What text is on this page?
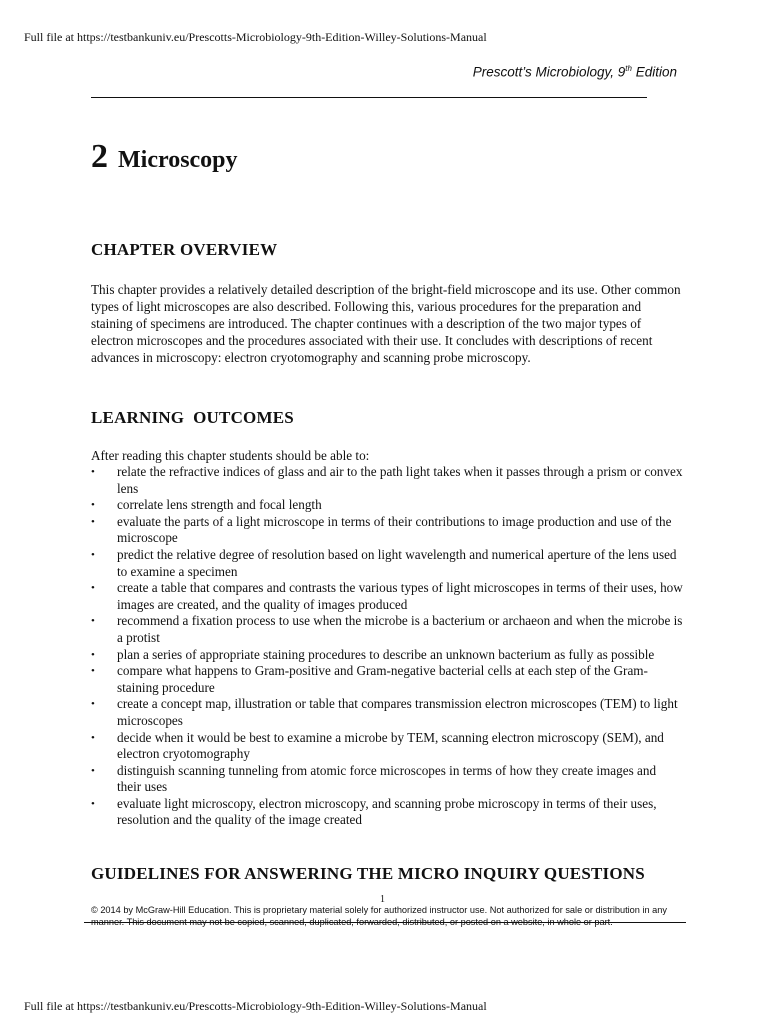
Full file at https://testbankuniv.eu/Prescotts-Microbiology-9th-Edition-Willey-Solutions-Manual
Prescott’s Microbiology, 9th Edition
2 Microscopy
CHAPTER OVERVIEW

This chapter provides a relatively detailed description of the bright-field microscope and its use. Other common types of light microscopes are also described. Following this, various procedures for the preparation and staining of specimens are introduced. The chapter continues with a description of the two major types of electron microscopes and the procedures associated with their use. It concludes with descriptions of recent advances in microscopy: electron cryotomography and scanning probe microscopy.

LEARNING  OUTCOMES

After reading this chapter students should be able to:

• relate the refractive indices of glass and air to the path light takes when it passes through a prism or convex lens
• correlate lens strength and focal length
• evaluate the parts of a light microscope in terms of their contributions to image production and use of the microscope
• predict the relative degree of resolution based on light wavelength and numerical aperture of the lens used to examine a specimen
• create a table that compares and contrasts the various types of light microscopes in terms of their uses, how images are created, and the quality of images produced
• recommend a fixation process to use when the microbe is a bacterium or archaeon and when the microbe is a protist
• plan a series of appropriate staining procedures to describe an unknown bacterium as fully as possible
• compare what happens to Gram-positive and Gram-negative bacterial cells at each step of the Gram-staining procedure
• create a concept map, illustration or table that compares transmission electron microscopes (TEM) to light microscopes
• decide when it would be best to examine a microbe by TEM, scanning electron microscopy (SEM), and electron cryotomography
• distinguish scanning tunneling from atomic force microscopes in terms of how they create images and their uses
• evaluate light microscopy, electron microscopy, and scanning probe microscopy in terms of their uses, resolution and the quality of the image created
GUIDELINES FOR ANSWERING THE MICRO INQUIRY QUESTIONS
1

© 2014 by McGraw-Hill Education. This is proprietary material solely for authorized instructor use. Not authorized for sale or distribution in any manner. This document may not be copied, scanned, duplicated, forwarded, distributed, or posted on a website, in whole or part.

Full file at https://testbankuniv.eu/Prescotts-Microbiology-9th-Edition-Willey-Solutions-Manual
